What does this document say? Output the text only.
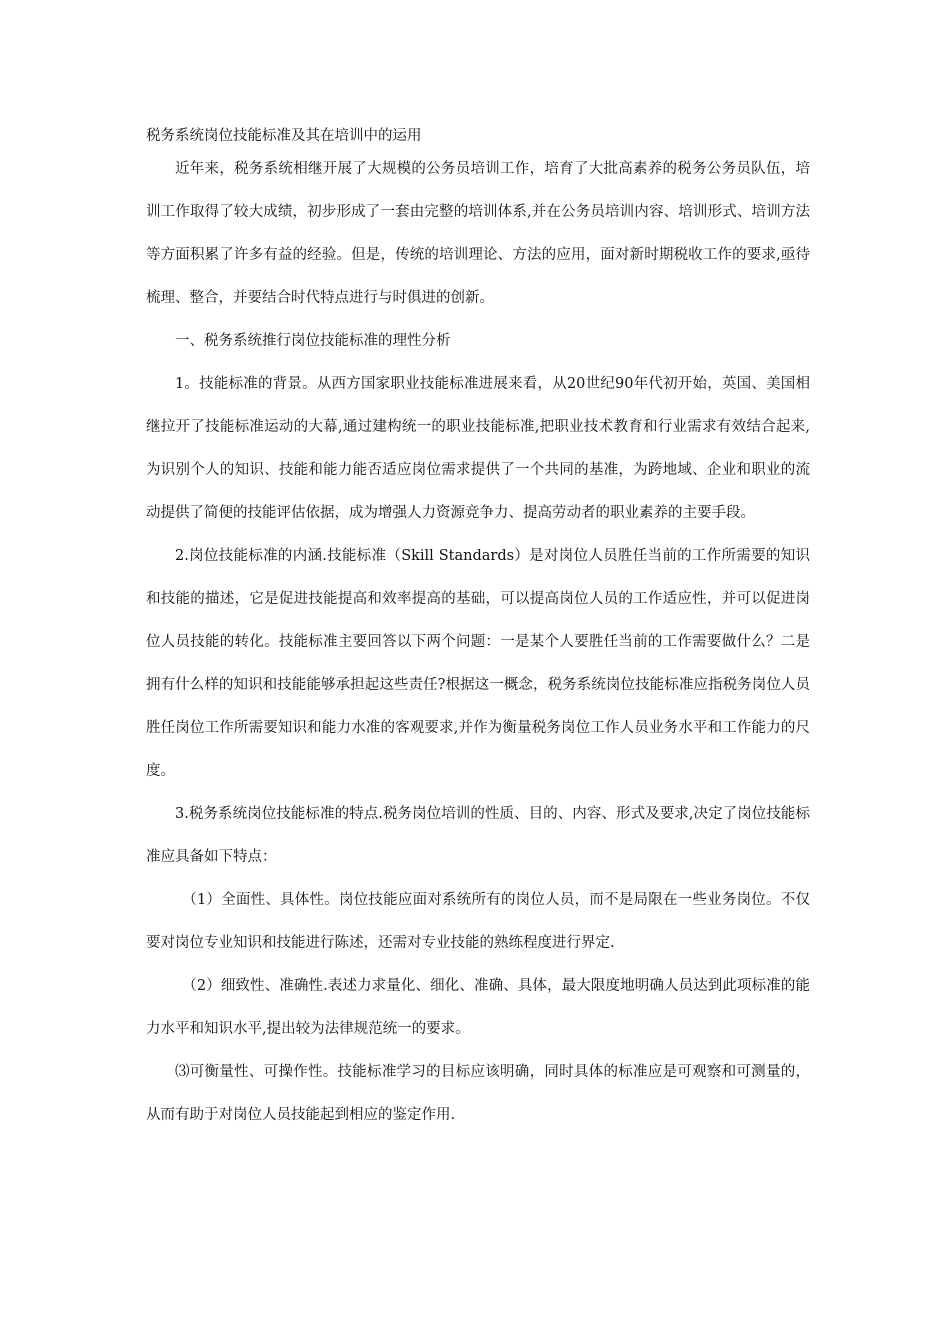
税务系统岗位技能标准及其在培训中的运用

近年来，税务系统相继开展了大规模的公务员培训工作，培育了大批高素养的税务公务员队伍，培训工作取得了较大成绩，初步形成了一套由完整的培训体系,并在公务员培训内容、培训形式、培训方法等方面积累了许多有益的经验。但是，传统的培训理论、方法的应用，面对新时期税收工作的要求,亟待梳理、整合，并要结合时代特点进行与时俱进的创新。

一、税务系统推行岗位技能标准的理性分析

1。技能标准的背景。从西方国家职业技能标准进展来看，从20世纪90年代初开始，英国、美国相继拉开了技能标准运动的大幕,通过建构统一的职业技能标准,把职业技术教育和行业需求有效结合起来,为识别个人的知识、技能和能力能否适应岗位需求提供了一个共同的基准，为跨地域、企业和职业的流动提供了简便的技能评估依据，成为增强人力资源竞争力、提高劳动者的职业素养的主要手段。

2.岗位技能标准的内涵.技能标准（Skill Standards）是对岗位人员胜任当前的工作所需要的知识和技能的描述，它是促进技能提高和效率提高的基础，可以提高岗位人员的工作适应性，并可以促进岗位人员技能的转化。技能标准主要回答以下两个问题：一是某个人要胜任当前的工作需要做什么？二是拥有什么样的知识和技能能够承担起这些责任?根据这一概念，税务系统岗位技能标准应指税务岗位人员胜任岗位工作所需要知识和能力水准的客观要求,并作为衡量税务岗位工作人员业务水平和工作能力的尺度。

3.税务系统岗位技能标准的特点.税务岗位培训的性质、目的、内容、形式及要求,决定了岗位技能标准应具备如下特点：

（1）全面性、具体性。岗位技能应面对系统所有的岗位人员，而不是局限在一些业务岗位。不仅要对岗位专业知识和技能进行陈述，还需对专业技能的熟练程度进行界定.

（2）细致性、准确性.表述力求量化、细化、准确、具体，最大限度地明确人员达到此项标准的能力水平和知识水平,提出较为法律规范统一的要求。

⑶可衡量性、可操作性。技能标准学习的目标应该明确，同时具体的标准应是可观察和可测量的，从而有助于对岗位人员技能起到相应的鉴定作用.
